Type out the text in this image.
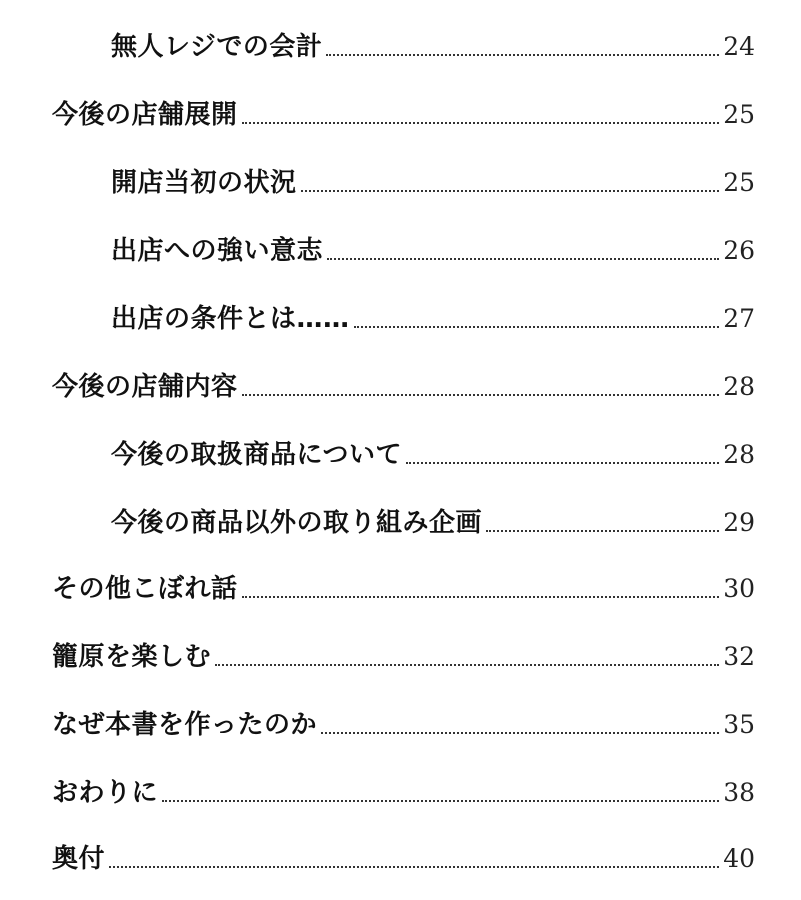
無人レジでの会計	24
今後の店舗展開	25
開店当初の状況	25
出店への強い意志	26
出店の条件とは……	27
今後の店舗内容	28
今後の取扱商品について	28
今後の商品以外の取り組み企画	29
その他こぼれ話	30
籠原を楽しむ	32
なぜ本書を作ったのか	35
おわりに	38
奥付	40
